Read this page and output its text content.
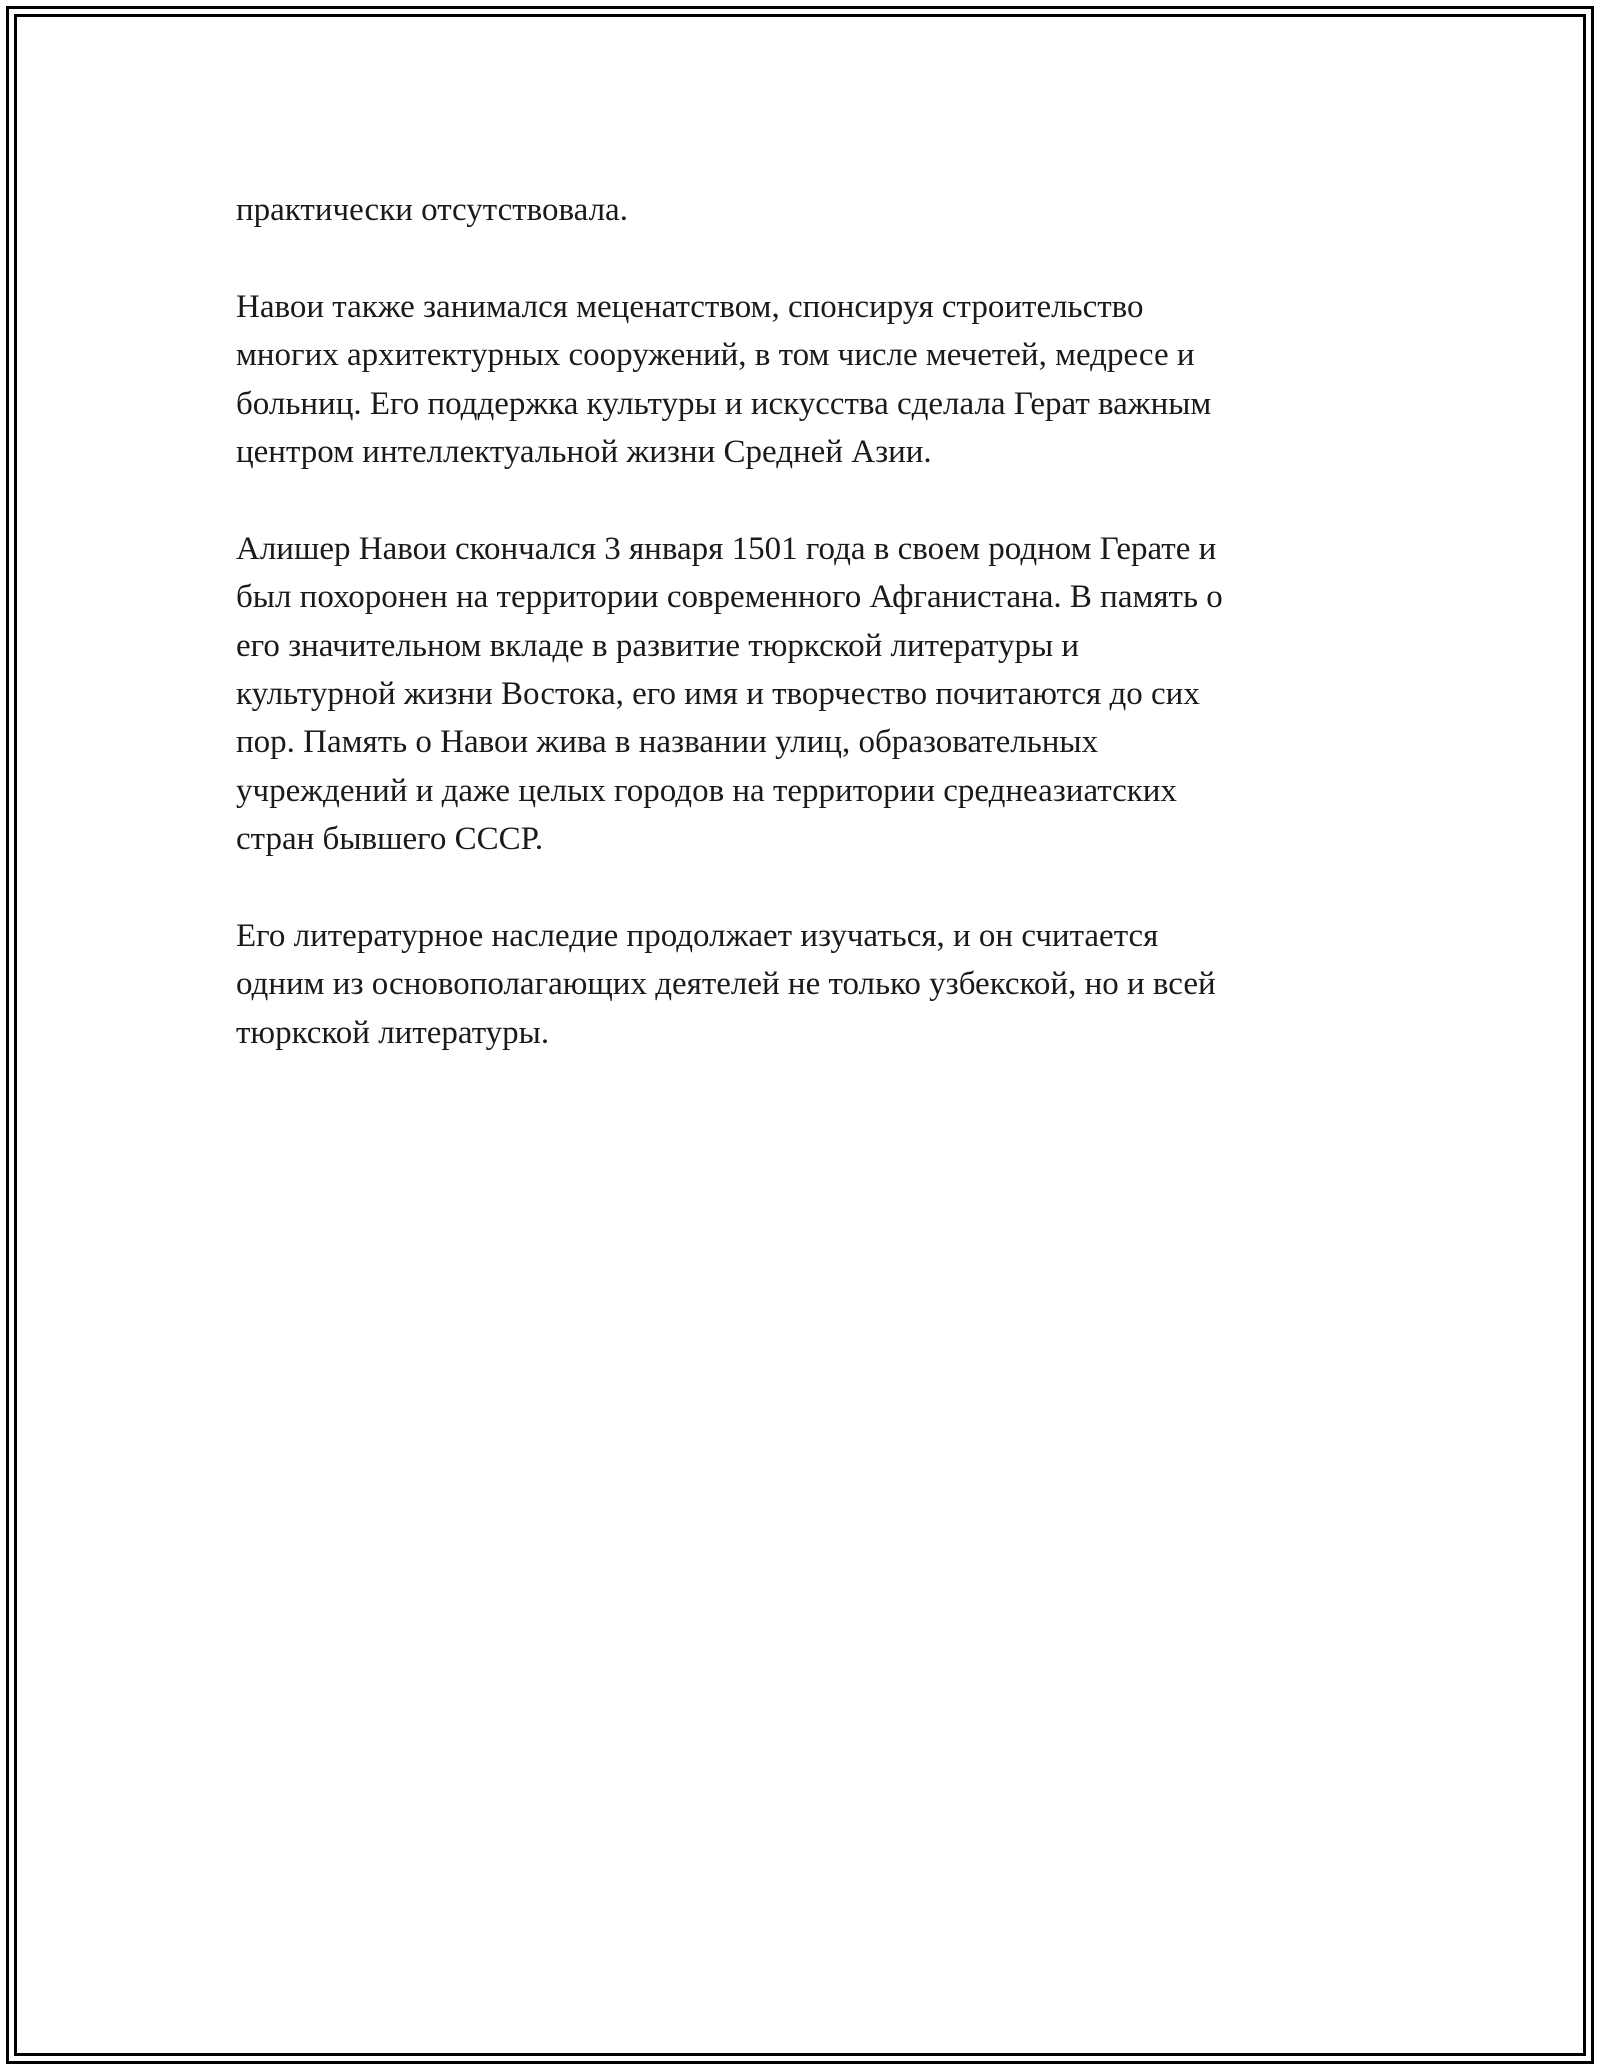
практически отсутствовала.

Навои также занимался меценатством, спонсируя строительство
многих архитектурных сооружений, в том числе мечетей, медресе и
больниц. Его поддержка культуры и искусства сделала Герат важным
центром интеллектуальной жизни Средней Азии.

Алишер Навои скончался 3 января 1501 года в своем родном Герате и
был похоронен на территории современного Афганистана. В память о
его значительном вкладе в развитие тюркской литературы и
культурной жизни Востока, его имя и творчество почитаются до сих
пор. Память о Навои жива в названии улиц, образовательных
учреждений и даже целых городов на территории среднеазиатских
стран бывшего СССР.

Его литературное наследие продолжает изучаться, и он считается
одним из основополагающих деятелей не только узбекской, но и всей
тюркской литературы.
